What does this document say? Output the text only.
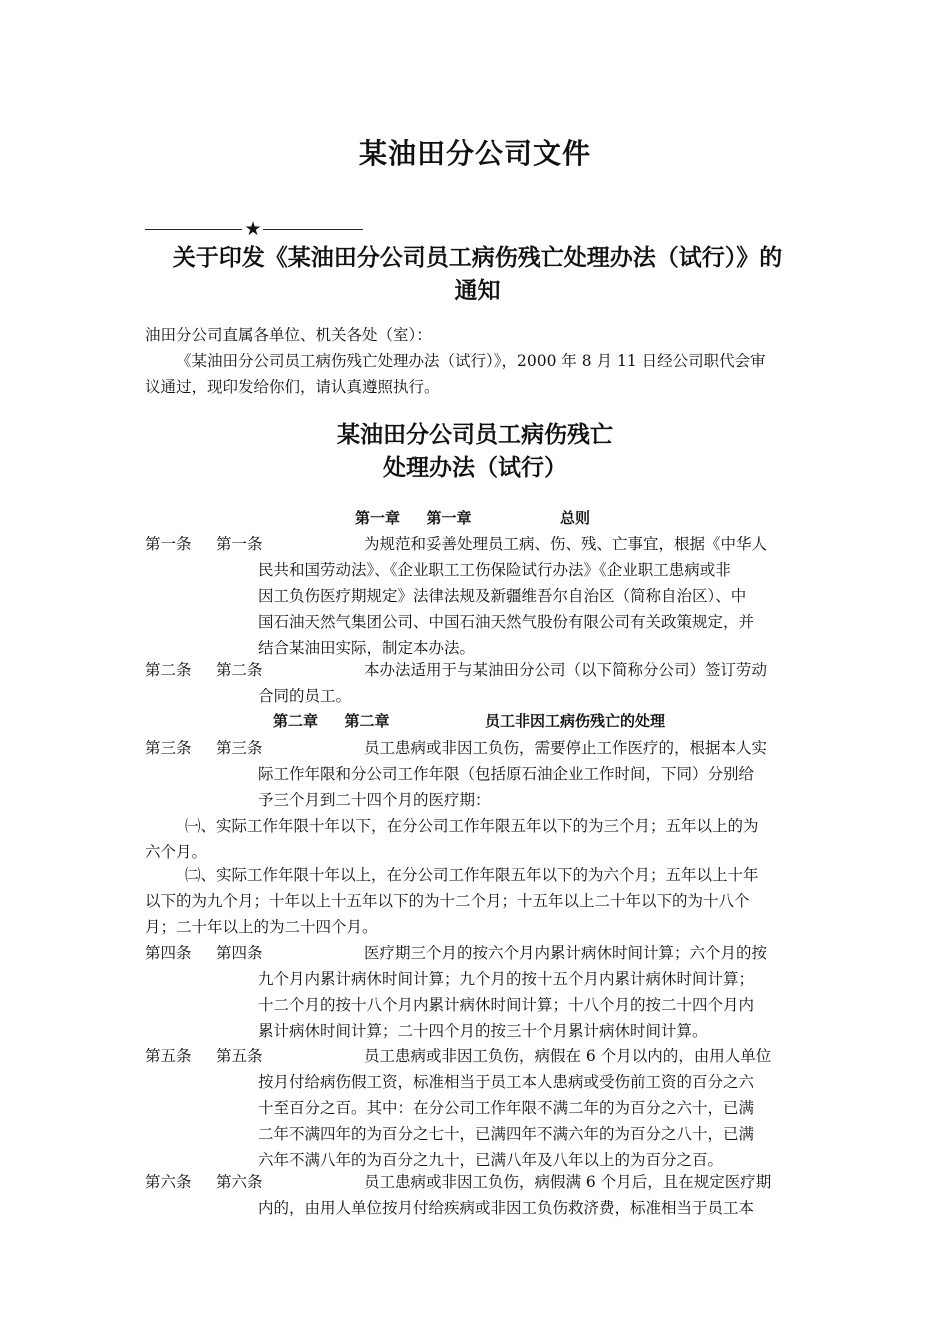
某油田分公司文件
★
关于印发《某油田分公司员工病伤残亡处理办法（试行）》的
通知
油田分公司直属各单位、机关各处（室）：
《某油田分公司员工病伤残亡处理办法（试行）》，2000 年 8 月 11 日经公司职代会审
议通过，现印发给你们，请认真遵照执行。
某油田分公司员工病伤残亡
处理办法（试行）
第一章 第一章	总则
第一条	第一条	为规范和妥善处理员工病、伤、残、亡事宜，根据《中华人
民共和国劳动法》、《企业职工工伤保险试行办法》《企业职工患病或非
因工负伤医疗期规定》法律法规及新疆维吾尔自治区（简称自治区）、中
国石油天然气集团公司、中国石油天然气股份有限公司有关政策规定，并
结合某油田实际，制定本办法。
第二条	第二条	本办法适用于与某油田分公司（以下简称分公司）签订劳动
合同的员工。
第二章 第二章	员工非因工病伤残亡的处理
第三条	第三条	员工患病或非因工负伤，需要停止工作医疗的，根据本人实
际工作年限和分公司工作年限（包括原石油企业工作时间，下同）分别给
予三个月到二十四个月的医疗期：
㈠、实际工作年限十年以下，在分公司工作年限五年以下的为三个月；五年以上的为
六个月。
㈡、实际工作年限十年以上，在分公司工作年限五年以下的为六个月；五年以上十年
以下的为九个月；十年以上十五年以下的为十二个月；十五年以上二十年以下的为十八个
月；二十年以上的为二十四个月。
第四条	第四条	医疗期三个月的按六个月内累计病休时间计算；六个月的按
九个月内累计病休时间计算；九个月的按十五个月内累计病休时间计算；
十二个月的按十八个月内累计病休时间计算；十八个月的按二十四个月内
累计病休时间计算；二十四个月的按三十个月累计病休时间计算。
第五条	第五条	员工患病或非因工负伤，病假在 6 个月以内的，由用人单位
按月付给病伤假工资，标准相当于员工本人患病或受伤前工资的百分之六
十至百分之百。其中：在分公司工作年限不满二年的为百分之六十，已满
二年不满四年的为百分之七十，已满四年不满六年的为百分之八十，已满
六年不满八年的为百分之九十，已满八年及八年以上的为百分之百。
第六条	第六条	员工患病或非因工负伤，病假满 6 个月后，且在规定医疗期
内的，由用人单位按月付给疾病或非因工负伤救济费，标准相当于员工本
